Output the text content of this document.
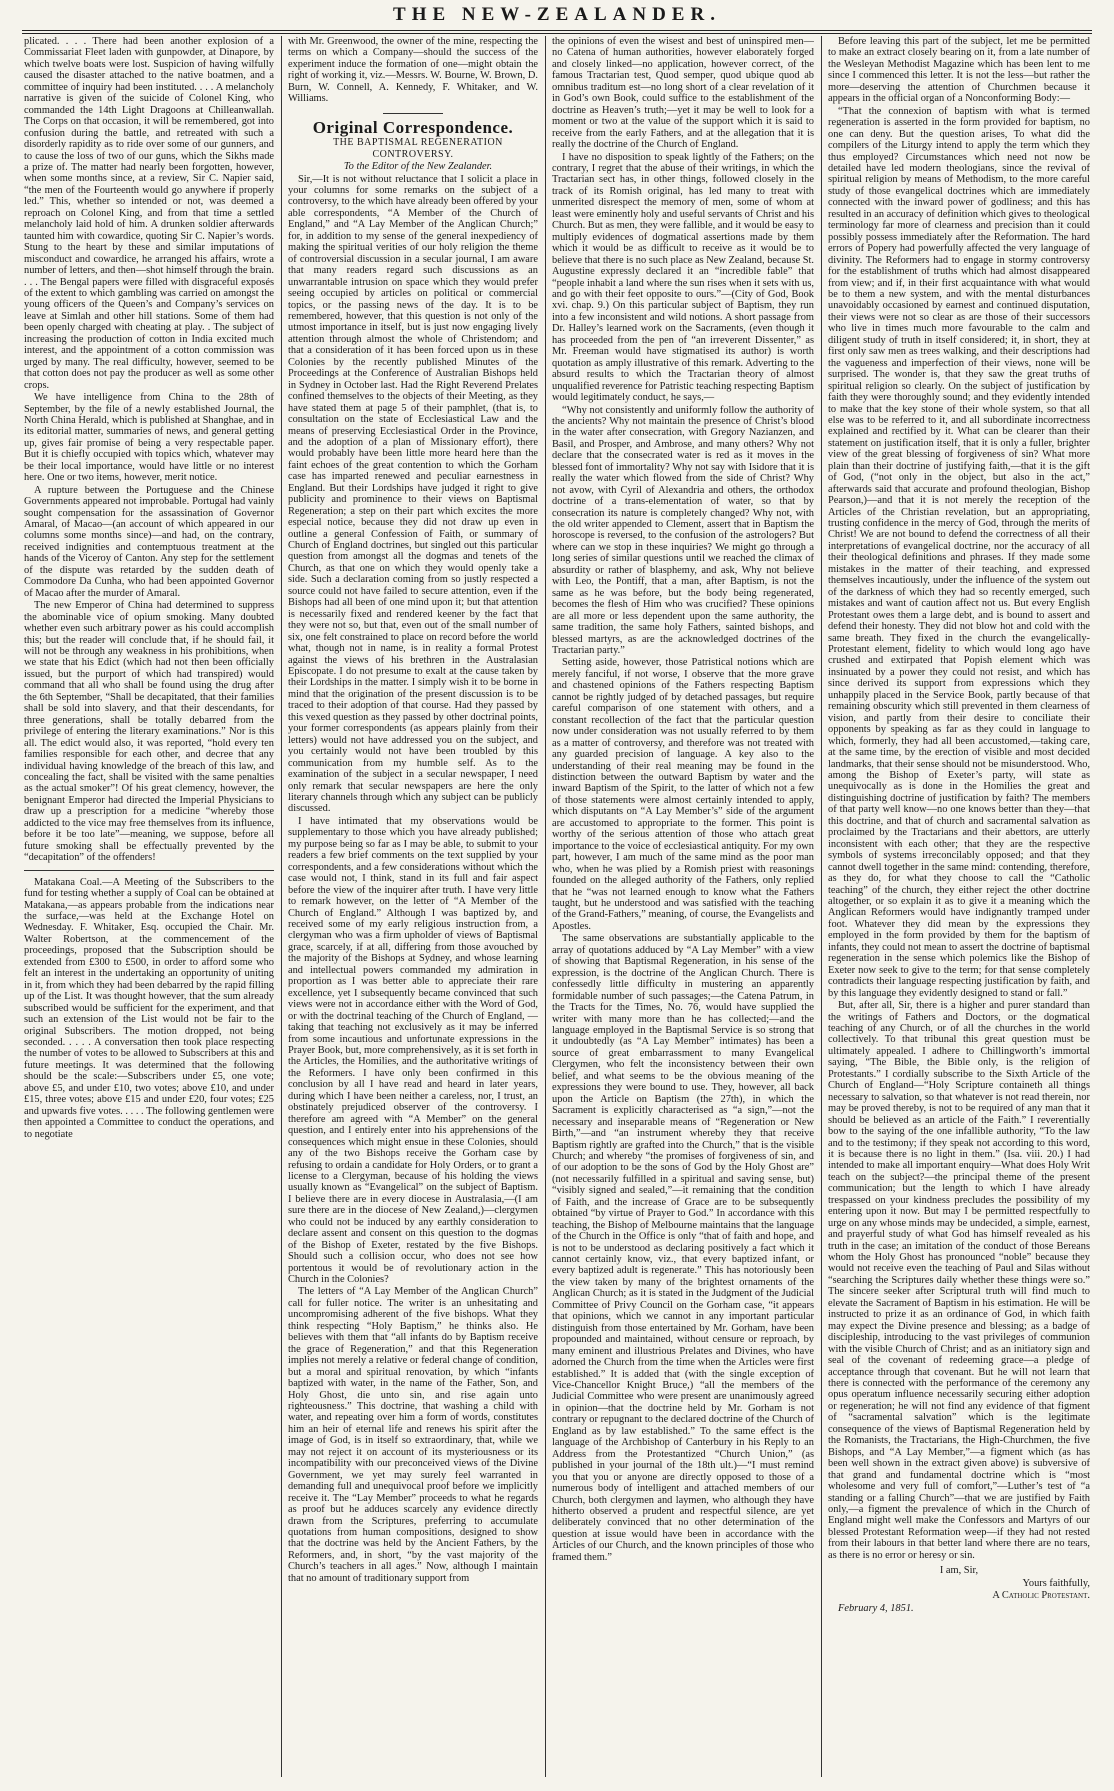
THE NEW-ZEALANDER.

plicated. . . . There had been another explosion of a Commissariat Fleet laden with gunpowder, at Dinapore, by which twelve boats were lost. Suspicion of having wilfully caused the disaster attached to the native boatmen, and a committee of inquiry had been instituted. . . . A melancholy narrative is given of the suicide of Colonel King, who commanded the 14th Light Dragoons at Chilleanwallah. The Corps on that occasion, it will be remembered, got into confusion during the battle, and retreated with such a disorderly rapidity as to ride over some of our gunners, and to cause the loss of two of our guns, which the Sikhs made a prize of. The matter had nearly been forgotten, however, when some months since, at a review, Sir C. Napier said, “the men of the Fourteenth would go anywhere if properly led.” This, whether so intended or not, was deemed a reproach on Colonel King, and from that time a settled melancholy laid hold of him. A drunken soldier afterwards taunted him with cowardice, quoting Sir C. Napier’s words. Stung to the heart by these and similar imputations of misconduct and cowardice, he arranged his affairs, wrote a number of letters, and then—shot himself through the brain. . . . The Bengal papers were filled with disgraceful exposés of the extent to which gambling was carried on amongst the young officers of the Queen’s and Company’s services on leave at Simlah and other hill stations. Some of them had been openly charged with cheating at play. . The subject of increasing the production of cotton in India excited much interest, and the appointment of a cotton commission was urged by many. The real difficulty, however, seemed to be that cotton does not pay the producer as well as some other crops.

We have intelligence from China to the 28th of September, by the file of a newly established Journal, the North China Herald, which is published at Shanghae, and in its editorial matter, summaries of news, and general getting up, gives fair promise of being a very respectable paper. But it is chiefly occupied with topics which, whatever may be their local importance, would have little or no interest here. One or two items, however, merit notice.

A rupture between the Portuguese and the Chinese Governments appeared not improbable. Portugal had vainly sought compensation for the assassination of Governor Amaral, of Macao—(an account of which appeared in our columns some months since)—and had, on the contrary, received indignities and contemptuous treatment at the hands of the Viceroy of Canton. Any step for the settlement of the dispute was retarded by the sudden death of Commodore Da Cunha, who had been appointed Governor of Macao after the murder of Amaral.

The new Emperor of China had determined to suppress the abominable vice of opium smoking. Many doubted whether even such arbitrary power as his could accomplish this; but the reader will conclude that, if he should fail, it will not be through any weakness in his prohibitions, when we state that his Edict (which had not then been officially issued, but the purport of which had transpired) would command that all who shall be found using the drug after the 6th September, “Shall be decapitated, that their families shall be sold into slavery, and that their descendants, for three generations, shall be totally debarred from the privilege of entering the literary examinations.” Nor is this all. The edict would also, it was reported, “hold every ten families responsible for each other, and decree that any individual having knowledge of the breach of this law, and concealing the fact, shall be visited with the same penalties as the actual smoker”! Of his great clemency, however, the benignant Emperor had directed the Imperial Physicians to draw up a prescription for a medicine “whereby those addicted to the vice may free themselves from its influence, before it be too late”—meaning, we suppose, before all future smoking shall be effectually prevented by the “decapitation” of the offenders!

Matakana Coal.—A Meeting of the Subscribers to the fund for testing whether a supply of Coal can be obtained at Matakana,—as appears probable from the indications near the surface,—was held at the Exchange Hotel on Wednesday. F. Whitaker, Esq. occupied the Chair. Mr. Walter Robertson, at the commencement of the proceedings, proposed that the Subscription should be extended from £300 to £500, in order to afford some who felt an interest in the undertaking an opportunity of uniting in it, from which they had been debarred by the rapid filling up of the List. It was thought however, that the sum already subscribed would be sufficient for the experiment, and that such an extension of the List would not be fair to the original Subscribers. The motion dropped, not being seconded. . . . . A conversation then took place respecting the number of votes to be allowed to Subscribers at this and future meetings. It was determined that the following should be the scale:—Subscribers under £5, one vote; above £5, and under £10, two votes; above £10, and under £15, three votes; above £15 and under £20, four votes; £25 and upwards five votes. . . . . The following gentlemen were then appointed a Committee to conduct the operations, and to negotiate

with Mr. Greenwood, the owner of the mine, respecting the terms on which a Company—should the success of the experiment induce the formation of one—might obtain the right of working it, viz.—Messrs. W. Bourne, W. Brown, D. Burn, W. Connell, A. Kennedy, F. Whitaker, and W. Williams.

Original Correspondence.

THE BAPTISMAL REGENERATION CONTROVERSY.

To the Editor of the New Zealander.

Sir,—It is not without reluctance that I solicit a place in your columns for some remarks on the subject of a controversy, to the which have already been offered by your able correspondents, “A Member of the Church of England,” and “A Lay Member of the Anglican Church;” for, in addition to my sense of the general inexpediency of making the spiritual verities of our holy religion the theme of controversial discussion in a secular journal, I am aware that many readers regard such discussions as an unwarrantable intrusion on space which they would prefer seeing occupied by articles on political or commercial topics, or the passing news of the day. It is to be remembered, however, that this question is not only of the utmost importance in itself, but is just now engaging lively attention through almost the whole of Christendom; and that a consideration of it has been forced upon us in these Colonies by the recently published Minutes of the Proceedings at the Conference of Australian Bishops held in Sydney in October last. Had the Right Reverend Prelates confined themselves to the objects of their Meeting, as they have stated them at page 5 of their pamphlet, (that is, to consultation on the state of Ecclesiastical Law and the means of preserving Ecclesiastical Order in the Province, and the adoption of a plan of Missionary effort), there would probably have been little more heard here than the faint echoes of the great contention to which the Gorham case has imparted renewed and peculiar earnestness in England. But their Lordships have judged it right to give publicity and prominence to their views on Baptismal Regeneration; a step on their part which excites the more especial notice, because they did not draw up even in outline a general Confession of Faith, or summary of Church of England doctrines, but singled out this particular question from amongst all the dogmas and tenets of the Church, as that one on which they would openly take a side. Such a declaration coming from so justly respected a source could not have failed to secure attention, even if the Bishops had all been of one mind upon it; but that attention is necessarily fixed and rendered keener by the fact that they were not so, but that, even out of the small number of six, one felt constrained to place on record before the world what, though not in name, is in reality a formal Protest against the views of his brethren in the Australasian Episcopate. I do not presume to exalt at the cause taken by their Lordships in the matter. I simply wish it to be borne in mind that the origination of the present discussion is to be traced to their adoption of that course. Had they passed by this vexed question as they passed by other doctrinal points, your former correspondents (as appears plainly from their letters) would not have addressed you on the subject, and you certainly would not have been troubled by this communication from my humble self. As to the examination of the subject in a secular newspaper, I need only remark that secular newspapers are here the only literary channels through which any subject can be publicly discussed.

I have intimated that my observations would be supplementary to those which you have already published; my purpose being so far as I may be able, to submit to your readers a few brief comments on the text supplied by your correspondents, and a few considerations without which the case would not, I think, stand in its full and fair aspect before the view of the inquirer after truth. I have very little to remark however, on the letter of “A Member of the Church of England.” Although I was baptized by, and received some of my early religious instruction from, a clergyman who was a firm upholder of views of Baptismal grace, scarcely, if at all, differing from those avouched by the majority of the Bishops at Sydney, and whose learning and intellectual powers commanded my admiration in proportion as I was better able to appreciate their rare excellence, yet I subsequently became convinced that such views were not in accordance either with the Word of God, or with the doctrinal teaching of the Church of England, —taking that teaching not exclusively as it may be inferred from some incautious and unfortunate expressions in the Prayer Book, but, more comprehensively, as it is set forth in the Articles, the Homilies, and the authoritative writings of the Reformers. I have only been confirmed in this conclusion by all I have read and heard in later years, during which I have been neither a careless, nor, I trust, an obstinately prejudiced observer of the controversy. I therefore am agreed with “A Member” on the general question, and I entirely enter into his apprehensions of the consequences which might ensue in these Colonies, should any of the two Bishops receive the Gorham case by refusing to ordain a candidate for Holy Orders, or to grant a license to a Clergyman, because of his holding the views usually known as “Evangelical” on the subject of Baptism. I believe there are in every diocese in Australasia,—(I am sure there are in the diocese of New Zealand,)—clergymen who could not be induced by any earthly consideration to declare assent and consent on this question to the dogmas of the Bishop of Exeter, restated by the five Bishops. Should such a collision occur, who does not see how portentous it would be of revolutionary action in the Church in the Colonies?

The letters of “A Lay Member of the Anglican Church” call for fuller notice. The writer is an unhesitating and uncompromising adherent of the five bishops. What they think respecting “Holy Baptism,” he thinks also. He believes with them that “all infants do by Baptism receive the grace of Regeneration,” and that this Regeneration implies not merely a relative or federal change of condition, but a moral and spiritual renovation, by which “infants baptized with water, in the name of the Father, Son, and Holy Ghost, die unto sin, and rise again unto righteousness.” This doctrine, that washing a child with water, and repeating over him a form of words, constitutes him an heir of eternal life and renews his spirit after the image of God, is in itself so extraordinary, that, while we may not reject it on account of its mysteriousness or its incompatibility with our preconceived views of the Divine Government, we yet may surely feel warranted in demanding full and unequivocal proof before we implicitly receive it. The “Lay Member” proceeds to what he regards as proof but he adduces scarcely any evidence directly drawn from the Scriptures, preferring to accumulate quotations from human compositions, designed to show that the doctrine was held by the Ancient Fathers, by the Reformers, and, in short, “by the vast majority of the Church’s teachers in all ages.” Now, although I maintain that no amount of traditionary support from

the opinions of even the wisest and best of uninspired men—no Catena of human authorities, however elaborately forged and closely linked—no application, however correct, of the famous Tractarian test, Quod semper, quod ubique quod ab omnibus traditum est—no long short of a clear revelation of it in God’s own Book, could suffice to the establishment of the doctrine as Heaven’s truth;—yet it may be well to look for a moment or two at the value of the support which it is said to receive from the early Fathers, and at the allegation that it is really the doctrine of the Church of England.

I have no disposition to speak lightly of the Fathers; on the contrary, I regret that the abuse of their writings, in which the Tractarian sect has, in other things, followed closely in the track of its Romish original, has led many to treat with unmerited disrespect the memory of men, some of whom at least were eminently holy and useful servants of Christ and his Church. But as men, they were fallible, and it would be easy to multiply evidences of dogmatical assertions made by them which it would be as difficult to receive as it would be to believe that there is no such place as New Zealand, because St. Augustine expressly declared it an “incredible fable” that “people inhabit a land where the sun rises when it sets with us, and go with their feet opposite to ours.”—(City of God, Book xvi. chap. 9.) On this particular subject of Baptism, they run into a few inconsistent and wild notions. A short passage from Dr. Halley’s learned work on the Sacraments, (even though it has proceeded from the pen of “an irreverent Dissenter,” as Mr. Freeman would have stigmatised its author) is worth quotation as amply illustrative of this remark. Adverting to the absurd results to which the Tractarian theory of almost unqualified reverence for Patristic teaching respecting Baptism would legitimately conduct, he says,—

“Why not consistently and uniformly follow the authority of the ancients? Why not maintain the presence of Christ’s blood in the water after consecration, with Gregory Nazianzen, and Basil, and Prosper, and Ambrose, and many others? Why not declare that the consecrated water is red as it moves in the blessed font of immortality? Why not say with Isidore that it is really the water which flowed from the side of Christ? Why not avow, with Cyril of Alexandria and others, the orthodox doctrine of a trans-elementation of water, so that by consecration its nature is completely changed? Why not, with the old writer appended to Clement, assert that in Baptism the horoscope is reversed, to the confusion of the astrologers? But where can we stop in these inquiries? We might go through a long series of similar questions until we reached the climax of absurdity or rather of blasphemy, and ask, Why not believe with Leo, the Pontiff, that a man, after Baptism, is not the same as he was before, but the body being regenerated, becomes the flesh of Him who was crucified? These opinions are all more or less dependent upon the same authority, the same tradition, the same holy Fathers, sainted bishops, and blessed martyrs, as are the acknowledged doctrines of the Tractarian party.”

Setting aside, however, those Patristical notions which are merely fanciful, if not worse, I observe that the more grave and chastened opinions of the Fathers respecting Baptism cannot be rightly judged of by detached passages, but require careful comparison of one statement with others, and a constant recollection of the fact that the particular question now under consideration was not usually referred to by them as a matter of controversy, and therefore was not treated with any guarded precision of language. A key also to the understanding of their real meaning may be found in the distinction between the outward Baptism by water and the inward Baptism of the Spirit, to the latter of which not a few of those statements were almost certainly intended to apply, which disputants on “A Lay Member’s” side of the argument are accustomed to appropriate to the former. This point is worthy of the serious attention of those who attach great importance to the voice of ecclesiastical antiquity. For my own part, however, I am much of the same mind as the poor man who, when he was plied by a Romish priest with reasonings founded on the alleged authority of the Fathers, only replied that he “was not learned enough to know what the Fathers taught, but he understood and was satisfied with the teaching of the Grand-Fathers,” meaning, of course, the Evangelists and Apostles.

The same observations are substantially applicable to the array of quotations adduced by “A Lay Member” with a view of showing that Baptismal Regeneration, in his sense of the expression, is the doctrine of the Anglican Church. There is confessedly little difficulty in mustering an apparently formidable number of such passages;—the Catena Patrum, in the Tracts for the Times, No. 76, would have supplied the writer with many more than he has collected;—and the language employed in the Baptismal Service is so strong that it undoubtedly (as “A Lay Member” intimates) has been a source of great embarrassment to many Evangelical Clergymen, who felt the inconsistency between their own belief, and what seems to be the obvious meaning of the expressions they were bound to use. They, however, all back upon the Article on Baptism (the 27th), in which the Sacrament is explicitly characterised as “a sign,”—not the necessary and inseparable means of “Regeneration or New Birth,”—and “an instrument whereby they that receive Baptism rightly are grafted into the Church,” that is the visible Church; and whereby “the promises of forgiveness of sin, and of our adoption to be the sons of God by the Holy Ghost are” (not necessarily fulfilled in a spiritual and saving sense, but) “visibly signed and sealed,”—it remaining that the condition of Faith, and the increase of Grace are to be subsequently obtained “by virtue of Prayer to God.” In accordance with this teaching, the Bishop of Melbourne maintains that the language of the Church in the Office is only “that of faith and hope, and is not to be understood as declaring positively a fact which it cannot certainly know, viz., that every baptized infant, or every baptized adult is regenerate.” This has notoriously been the view taken by many of the brightest ornaments of the Anglican Church; as it is stated in the Judgment of the Judicial Committee of Privy Council on the Gorham case, “it appears that opinions, which we cannot in any important particular distinguish from those entertained by Mr. Gorham, have been propounded and maintained, without censure or reproach, by many eminent and illustrious Prelates and Divines, who have adorned the Church from the time when the Articles were first established.” It is added that (with the single exception of Vice-Chancellor Knight Bruce,) “all the members of the Judicial Committee who were present are unanimously agreed in opinion—that the doctrine held by Mr. Gorham is not contrary or repugnant to the declared doctrine of the Church of England as by law established.” To the same effect is the language of the Archbishop of Canterbury in his Reply to an Address from the Protestantized “Church Union,” (as published in your journal of the 18th ult.)—“I must remind you that you or anyone are directly opposed to those of a numerous body of intelligent and attached members of our Church, both clergymen and laymen, who although they have hitherto observed a prudent and respectful silence, are yet deliberately convinced that no other determination of the question at issue would have been in accordance with the Articles of our Church, and the known principles of those who framed them.”

Before leaving this part of the subject, let me be permitted to make an extract closely bearing on it, from a late number of the Wesleyan Methodist Magazine which has been lent to me since I commenced this letter. It is not the less—but rather the more—deserving the attention of Churchmen because it appears in the official organ of a Nonconforming Body:—

“That the connexion of baptism with what is termed regeneration is asserted in the form provided for baptism, no one can deny. But the question arises, To what did the compilers of the Liturgy intend to apply the term which they thus employed? Circumstances which need not now be detailed have led modern theologians, since the revival of spiritual religion by means of Methodism, to the more careful study of those evangelical doctrines which are immediately connected with the inward power of godliness; and this has resulted in an accuracy of definition which gives to theological terminology far more of clearness and precision than it could possibly possess immediately after the Reformation. The hard errors of Popery had powerfully affected the very language of divinity. The Reformers had to engage in stormy controversy for the establishment of truths which had almost disappeared from view; and if, in their first acquaintance with what would be to them a new system, and with the mental disturbances unavoidably occasioned by earnest and continued disputation, their views were not so clear as are those of their successors who live in times much more favourable to the calm and diligent study of truth in itself considered; it, in short, they at first only saw men as trees walking, and their descriptions had the vagueness and imperfection of their views, none will be surprised. The wonder is, that they saw the great truths of spiritual religion so clearly. On the subject of justification by faith they were thoroughly sound; and they evidently intended to make that the key stone of their whole system, so that all else was to be referred to it, and all subordinate incorrectness explained and rectified by it. What can be clearer than their statement on justification itself, that it is only a fuller, brighter view of the great blessing of forgiveness of sin? What more plain than their doctrine of justifying faith,—that it is the gift of God, (“not only in the object, but also in the act,” afterwards said that accurate and profound theologian, Bishop Pearson,)—and that it is not merely the reception of the Articles of the Christian revelation, but an appropriating, trusting confidence in the mercy of God, through the merits of Christ! We are not bound to defend the correctness of all their interpretations of evangelical doctrine, nor the accuracy of all their theological definitions and phrases. If they made some mistakes in the matter of their teaching, and expressed themselves incautiously, under the influence of the system out of the darkness of which they had so recently emerged, such mistakes and want of caution affect not us. But every English Protestant owes them a large debt, and is bound to assert and defend their honesty. They did not blow hot and cold with the same breath. They fixed in the church the evangelically-Protestant element, fidelity to which would long ago have crushed and extirpated that Popish element which was insinuated by a power they could not resist, and which has since derived its support from expressions which they unhappily placed in the Service Book, partly because of that remaining obscurity which still prevented in them clearness of vision, and partly from their desire to conciliate their opponents by speaking as far as they could in language to which, formerly, they had all been accustomed,—taking care, at the same time, by the erection of visible and most decided landmarks, that their sense should not be misunderstood. Who, among the Bishop of Exeter’s party, will state as unequivocally as is done in the Homilies the great and distinguishing doctrine of justification by faith? The members of that party well know—no one knows better than they—that this doctrine, and that of church and sacramental salvation as proclaimed by the Tractarians and their abettors, are utterly inconsistent with each other; that they are the respective symbols of systems irreconcilably opposed; and that they cannot dwell together in the same mind: contending, therefore, as they do, for what they choose to call the “Catholic teaching” of the church, they either reject the other doctrine altogether, or so explain it as to give it a meaning which the Anglican Reformers would have indignantly tramped under foot. Whatever they did mean by the expressions they employed in the form provided by them for the baptism of infants, they could not mean to assert the doctrine of baptismal regeneration in the sense which polemics like the Bishop of Exeter now seek to give to the term; for that sense completely contradicts their language respecting justification by faith, and by this language they evidently designed to stand or fall.”

But, after all, Sir, there is a higher and purer standard than the writings of Fathers and Doctors, or the dogmatical teaching of any Church, or of all the churches in the world collectively. To that tribunal this great question must be ultimately appealed. I adhere to Chillingworth’s immortal saying, “The Bible, the Bible only, is the religion of Protestants.” I cordially subscribe to the Sixth Article of the Church of England—“Holy Scripture containeth all things necessary to salvation, so that whatever is not read therein, nor may be proved thereby, is not to be required of any man that it should be believed as an article of the Faith.” I reverentially bow to the saying of the one infallible authority, “To the law and to the testimony; if they speak not according to this word, it is because there is no light in them.” (Isa. viii. 20.) I had intended to make all important enquiry—What does Holy Writ teach on the subject?—the principal theme of the present communication; but the length to which I have already trespassed on your kindness precludes the possibility of my entering upon it now. But may I be permitted respectfully to urge on any whose minds may be undecided, a simple, earnest, and prayerful study of what God has himself revealed as his truth in the case; an imitation of the conduct of those Bereans whom the Holy Ghost has pronounced “noble” because they would not receive even the teaching of Paul and Silas without “searching the Scriptures daily whether these things were so.” The sincere seeker after Scriptural truth will find much to elevate the Sacrament of Baptism in his estimation. He will be instructed to prize it as an ordinance of God, in which faith may expect the Divine presence and blessing; as a badge of discipleship, introducing to the vast privileges of communion with the visible Church of Christ; and as an initiatory sign and seal of the covenant of redeeming grace—a pledge of acceptance through that covenant. But he will not learn that there is connected with the performance of the ceremony any opus operatum influence necessarily securing either adoption or regeneration; he will not find any evidence of that figment of “sacramental salvation” which is the legitimate consequence of the views of Baptismal Regeneration held by the Romanists, the Tractarians, the High-Churchmen, the five Bishops, and “A Lay Member,”—a figment which (as has been well shown in the extract given above) is subversive of that grand and fundamental doctrine which is “most wholesome and very full of comfort,”—Luther’s test of “a standing or a falling Church”—that we are justified by Faith only,—a figment the prevalence of which in the Church of England might well make the Confessors and Martyrs of our blessed Protestant Reformation weep—if they had not rested from their labours in that better land where there are no tears, as there is no error or heresy or sin.

I am, Sir,

Yours faithfully,

A Catholic Protestant.

February 4, 1851.
